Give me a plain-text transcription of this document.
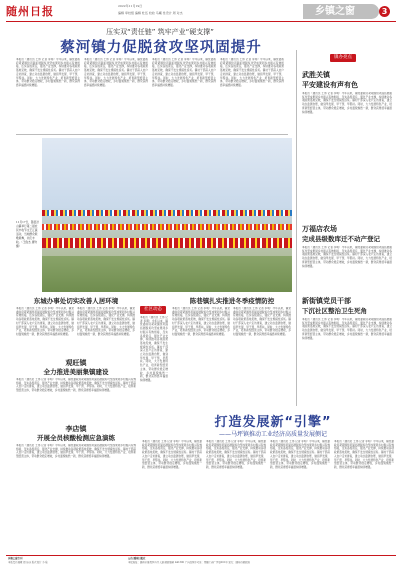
随州日报	2022年11月19日
编辑 审校组 编辑 杜伍 校检 马曦 性设计 周 对杰	乡镇之窗	3
压实双“责任链” 筑牢产业“硬支撑”
蔡河镇力促脱贫攻坚巩固提升
镇办亮点
本报讯（通讯员 王伟 记者 李明）今年以来，镇党委政府紧紧围绕巩固拓展脱贫攻坚成果同乡村振兴有效衔接，压实各级责任，强化产业支撑，持续推动各项政策落地见效，确保不发生规模性返贫。镇村干部深入农户走访排查，建立动态监测台账，做到早发现、早干预、早帮扶。同时，大力发展特色产业，培育新型经营主体，带动群众稳定增收，乡村面貌焕然一新，群众获得感幸福感持续增强。
本报讯（通讯员 王伟 记者 李明）今年以来，镇党委政府紧紧围绕巩固拓展脱贫攻坚成果同乡村振兴有效衔接，压实各级责任，强化产业支撑，持续推动各项政策落地见效，确保不发生规模性返贫。镇村干部深入农户走访排查，建立动态监测台账，做到早发现、早干预、早帮扶。同时，大力发展特色产业，培育新型经营主体，带动群众稳定增收，乡村面貌焕然一新，群众获得感幸福感持续增强。
本报讯（通讯员 王伟 记者 李明）今年以来，镇党委政府紧紧围绕巩固拓展脱贫攻坚成果同乡村振兴有效衔接，压实各级责任，强化产业支撑，持续推动各项政策落地见效，确保不发生规模性返贫。镇村干部深入农户走访排查，建立动态监测台账，做到早发现、早干预、早帮扶。同时，大力发展特色产业，培育新型经营主体，带动群众稳定增收，乡村面貌焕然一新，群众获得感幸福感持续增强。
本报讯（通讯员 王伟 记者 李明）今年以来，镇党委政府紧紧围绕巩固拓展脱贫攻坚成果同乡村振兴有效衔接，压实各级责任，强化产业支撑，持续推动各项政策落地见效，确保不发生规模性返贫。镇村干部深入农户走访排查，建立动态监测台账，做到早发现、早干预、早帮扶。同时，大力发展特色产业，培育新型经营主体，带动群众稳定增收，乡村面貌焕然一新，群众获得感幸福感持续增强。
武胜关镇
平安建设有声有色
本报讯（通讯员 王伟 记者 李明）今年以来，镇党委政府紧紧围绕巩固拓展脱贫攻坚成果同乡村振兴有效衔接，压实各级责任，强化产业支撑，持续推动各项政策落地见效，确保不发生规模性返贫。镇村干部深入农户走访排查，建立动态监测台账，做到早发现、早干预、早帮扶。同时，大力发展特色产业，培育新型经营主体，带动群众稳定增收，乡村面貌焕然一新，群众获得感幸福感持续增强。
万福店农场
完成县级数库迁不动产登记
本报讯（通讯员 王伟 记者 李明）今年以来，镇党委政府紧紧围绕巩固拓展脱贫攻坚成果同乡村振兴有效衔接，压实各级责任，强化产业支撑，持续推动各项政策落地见效，确保不发生规模性返贫。镇村干部深入农户走访排查，建立动态监测台账，做到早发现、早干预、早帮扶。同时，大力发展特色产业，培育新型经营主体，带动群众稳定增收，乡村面貌焕然一新，群众获得感幸福感持续增强。
新街镇党员干部
下沉社区整治卫生死角
本报讯（通讯员 王伟 记者 李明）今年以来，镇党委政府紧紧围绕巩固拓展脱贫攻坚成果同乡村振兴有效衔接，压实各级责任，强化产业支撑，持续推动各项政策落地见效，确保不发生规模性返贫。镇村干部深入农户走访排查，建立动态监测台账，做到早发现、早干预、早帮扶。同时，大力发展特色产业，培育新型经营主体，带动群众稳定增收，乡村面貌焕然一新，群众获得感幸福感持续增强。
11月17日，随县洪山镇举行第二届农民丰收节文艺汇演活动，当地群众载歌载舞，共庆丰收。（王俊杰 唐钧 摄）
东城办事处切实改善人居环境
本报讯（通讯员 王伟 记者 李明）今年以来，镇党委政府紧紧围绕巩固拓展脱贫攻坚成果同乡村振兴有效衔接，压实各级责任，强化产业支撑，持续推动各项政策落地见效，确保不发生规模性返贫。镇村干部深入农户走访排查，建立动态监测台账，做到早发现、早干预、早帮扶。同时，大力发展特色产业，培育新型经营主体，带动群众稳定增收，乡村面貌焕然一新，群众获得感幸福感持续增强。
本报讯（通讯员 王伟 记者 李明）今年以来，镇党委政府紧紧围绕巩固拓展脱贫攻坚成果同乡村振兴有效衔接，压实各级责任，强化产业支撑，持续推动各项政策落地见效，确保不发生规模性返贫。镇村干部深入农户走访排查，建立动态监测台账，做到早发现、早干预、早帮扶。同时，大力发展特色产业，培育新型经营主体，带动群众稳定增收，乡村面貌焕然一新，群众获得感幸福感持续增强。
社区动态
本报讯（通讯员 王伟 记者 李明）今年以来，镇党委政府紧紧围绕巩固拓展脱贫攻坚成果同乡村振兴有效衔接，压实各级责任，强化产业支撑，持续推动各项政策落地见效，确保不发生规模性返贫。镇村干部深入农户走访排查，建立动态监测台账，做到早发现、早干预、早帮扶。同时，大力发展特色产业，培育新型经营主体，带动群众稳定增收，乡村面貌焕然一新，群众获得感幸福感持续增强。
陈巷镇扎实推进冬季疫情防控
本报讯（通讯员 王伟 记者 李明）今年以来，镇党委政府紧紧围绕巩固拓展脱贫攻坚成果同乡村振兴有效衔接，压实各级责任，强化产业支撑，持续推动各项政策落地见效，确保不发生规模性返贫。镇村干部深入农户走访排查，建立动态监测台账，做到早发现、早干预、早帮扶。同时，大力发展特色产业，培育新型经营主体，带动群众稳定增收，乡村面貌焕然一新，群众获得感幸福感持续增强。
本报讯（通讯员 王伟 记者 李明）今年以来，镇党委政府紧紧围绕巩固拓展脱贫攻坚成果同乡村振兴有效衔接，压实各级责任，强化产业支撑，持续推动各项政策落地见效，确保不发生规模性返贫。镇村干部深入农户走访排查，建立动态监测台账，做到早发现、早干预、早帮扶。同时，大力发展特色产业，培育新型经营主体，带动群众稳定增收，乡村面貌焕然一新，群众获得感幸福感持续增强。
观旺镇
全力推进美丽集镇建设
本报讯（通讯员 王伟 记者 李明）今年以来，镇党委政府紧紧围绕巩固拓展脱贫攻坚成果同乡村振兴有效衔接，压实各级责任，强化产业支撑，持续推动各项政策落地见效，确保不发生规模性返贫。镇村干部深入农户走访排查，建立动态监测台账，做到早发现、早干预、早帮扶。同时，大力发展特色产业，培育新型经营主体，带动群众稳定增收，乡村面貌焕然一新，群众获得感幸福感持续增强。
李店镇
开展全员核酸检测应急演练
本报讯（通讯员 王伟 记者 李明）今年以来，镇党委政府紧紧围绕巩固拓展脱贫攻坚成果同乡村振兴有效衔接，压实各级责任，强化产业支撑，持续推动各项政策落地见效，确保不发生规模性返贫。镇村干部深入农户走访排查，建立动态监测台账，做到早发现、早干预、早帮扶。同时，大力发展特色产业，培育新型经营主体，带动群众稳定增收，乡村面貌焕然一新，群众获得感幸福感持续增强。
打造发展新“引擎”
——马坪镇推动工业经济高质量发展侧记
本报讯（通讯员 王伟 记者 李明）今年以来，镇党委政府紧紧围绕巩固拓展脱贫攻坚成果同乡村振兴有效衔接，压实各级责任，强化产业支撑，持续推动各项政策落地见效，确保不发生规模性返贫。镇村干部深入农户走访排查，建立动态监测台账，做到早发现、早干预、早帮扶。同时，大力发展特色产业，培育新型经营主体，带动群众稳定增收，乡村面貌焕然一新，群众获得感幸福感持续增强。
本报讯（通讯员 王伟 记者 李明）今年以来，镇党委政府紧紧围绕巩固拓展脱贫攻坚成果同乡村振兴有效衔接，压实各级责任，强化产业支撑，持续推动各项政策落地见效，确保不发生规模性返贫。镇村干部深入农户走访排查，建立动态监测台账，做到早发现、早干预、早帮扶。同时，大力发展特色产业，培育新型经营主体，带动群众稳定增收，乡村面貌焕然一新，群众获得感幸福感持续增强。
本报讯（通讯员 王伟 记者 李明）今年以来，镇党委政府紧紧围绕巩固拓展脱贫攻坚成果同乡村振兴有效衔接，压实各级责任，强化产业支撑，持续推动各项政策落地见效，确保不发生规模性返贫。镇村干部深入农户走访排查，建立动态监测台账，做到早发现、早干预、早帮扶。同时，大力发展特色产业，培育新型经营主体，带动群众稳定增收，乡村面貌焕然一新，群众获得感幸福感持续增强。
本报讯（通讯员 王伟 记者 李明）今年以来，镇党委政府紧紧围绕巩固拓展脱贫攻坚成果同乡村振兴有效衔接，压实各级责任，强化产业支撑，持续推动各项政策落地见效，确保不发生规模性返贫。镇村干部深入农户走访排查，建立动态监测台账，做到早发现、早干预、早帮扶。同时，大力发展特色产业，培育新型经营主体，带动群众稳定增收，乡村面貌焕然一新，群众获得感幸福感持续增强。
乡镇之窗专刊
本版责任编辑 周 冰冰 版式设计 李 瑶
公告 随州日报社
本报地址：随州市曾都区舜井大道 邮政编码 441300 广告经营许可证：鄂随工商广字第001号 发行：随州市邮政局
